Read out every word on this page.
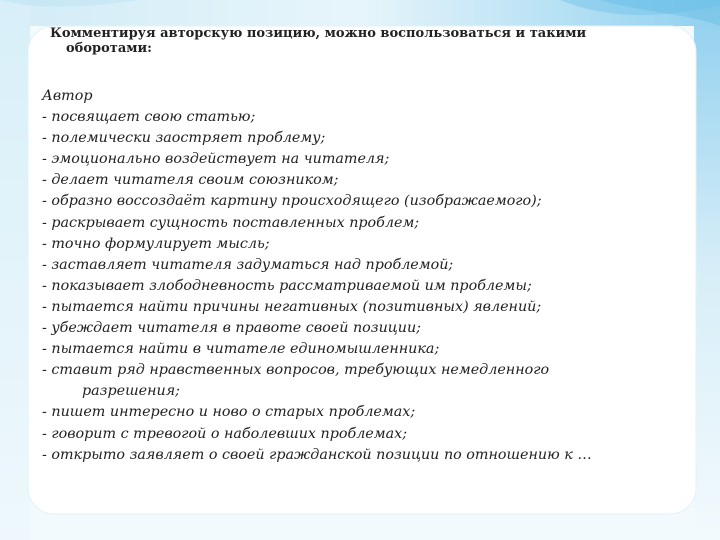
Комментируя авторскую позицию, можно воспользоваться и такими
оборотами:
Автор
- посвящает свою статью;
- полемически заостряет проблему;
- эмоционально воздействует на читателя;
- делает читателя своим союзником;
- образно воссоздаёт картину происходящего (изображаемого);
- раскрывает сущность поставленных проблем;
- точно формулирует мысль;
- заставляет читателя задуматься над проблемой;
- показывает злободневность рассматриваемой им проблемы;
- пытается найти причины негативных (позитивных) явлений;
- убеждает читателя в правоте своей позиции;
- пытается найти в читателе единомышленника;
- ставит ряд нравственных вопросов, требующих немедленного
разрешения;
- пишет интересно и ново о старых проблемах;
- говорит с тревогой о наболевших проблемах;
- открыто заявляет о своей гражданской позиции по отношению к …
